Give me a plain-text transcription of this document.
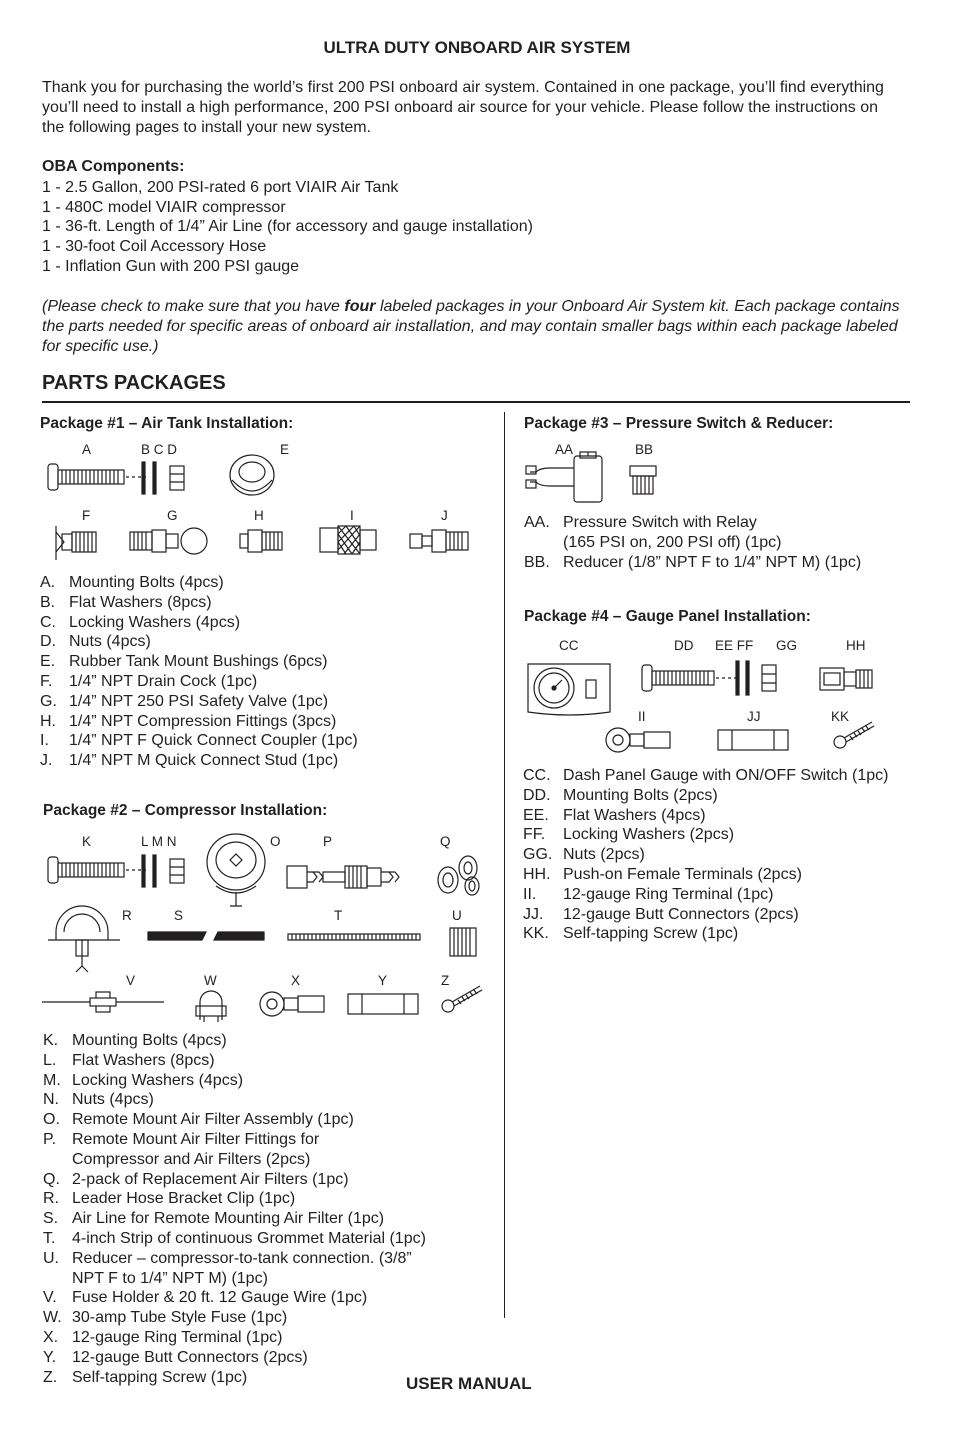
ULTRA DUTY ONBOARD AIR SYSTEM
Thank you for purchasing the world’s first 200 PSI onboard air system. Contained in one package, you’ll find everything you’ll need to install a high performance, 200 PSI onboard air source for your vehicle. Please follow the instructions on the following pages to install your new system.
OBA Components:
1 - 2.5 Gallon, 200 PSI-rated 6 port VIAIR Air Tank
1 - 480C model VIAIR compressor
1 - 36-ft. Length of 1/4” Air Line (for accessory and gauge installation)
1 - 30-foot Coil Accessory Hose
1 - Inflation Gun with 200 PSI gauge
(Please check to make sure that you have four labeled packages in your Onboard Air System kit. Each package contains the parts needed for specific areas of onboard air installation, and may contain smaller bags within each package labeled for specific use.)
PARTS PACKAGES
Package #1 – Air Tank Installation:
A	B C D	E
F	G	H	I	J
A. Mounting Bolts (4pcs)
B. Flat Washers (8pcs)
C. Locking Washers (4pcs)
D. Nuts (4pcs)
E. Rubber Tank Mount Bushings (6pcs)
F.	1/4” NPT Drain Cock (1pc)
G. 1/4” NPT 250 PSI Safety Valve (1pc)
H. 1/4” NPT Compression Fittings (3pcs)
I.	1/4” NPT F Quick Connect Coupler (1pc)
J.	1/4” NPT M Quick Connect Stud (1pc)
Package #2 – Compressor Installation:
K	L M N	O	P	Q
R	S	T	U
V	W	X	Y	Z
K. Mounting Bolts (4pcs)
L. Flat Washers (8pcs)
M. Locking Washers (4pcs)
N. Nuts (4pcs)
O. Remote Mount Air Filter Assembly (1pc)
P. Remote Mount Air Filter Fittings for Compressor and Air Filters (2pcs)
Q. 2-pack of Replacement Air Filters (1pc)
R. Leader Hose Bracket Clip (1pc)
S. Air Line for Remote Mounting Air Filter (1pc)
T.	4-inch Strip of continuous Grommet Material (1pc)
U. Reducer – compressor-to-tank connection. (3/8” NPT F to 1/4” NPT M) (1pc)
V. Fuse Holder & 20 ft. 12 Gauge Wire (1pc)
W. 30-amp Tube Style Fuse (1pc)
X. 12-gauge Ring Terminal (1pc)
Y. 12-gauge Butt Connectors (2pcs)
Z. Self-tapping Screw (1pc)
Package #3 – Pressure Switch & Reducer:
AA	BB
AA. Pressure Switch with Relay
(165 PSI on, 200 PSI off) (1pc)
BB. Reducer (1/8” NPT F to 1/4” NPT M) (1pc)
Package #4 – Gauge Panel Installation:
CC	DD EE FF GG	HH
II	JJ	KK
CC. Dash Panel Gauge with ON/OFF Switch (1pc)
DD. Mounting Bolts (2pcs)
EE. Flat Washers (4pcs)
FF.	Locking Washers (2pcs)
GG. Nuts (2pcs)
HH. Push-on Female Terminals (2pcs)
II.	12-gauge Ring Terminal (1pc)
JJ.	12-gauge Butt Connectors (2pcs)
KK. Self-tapping Screw (1pc)
USER MANUAL
